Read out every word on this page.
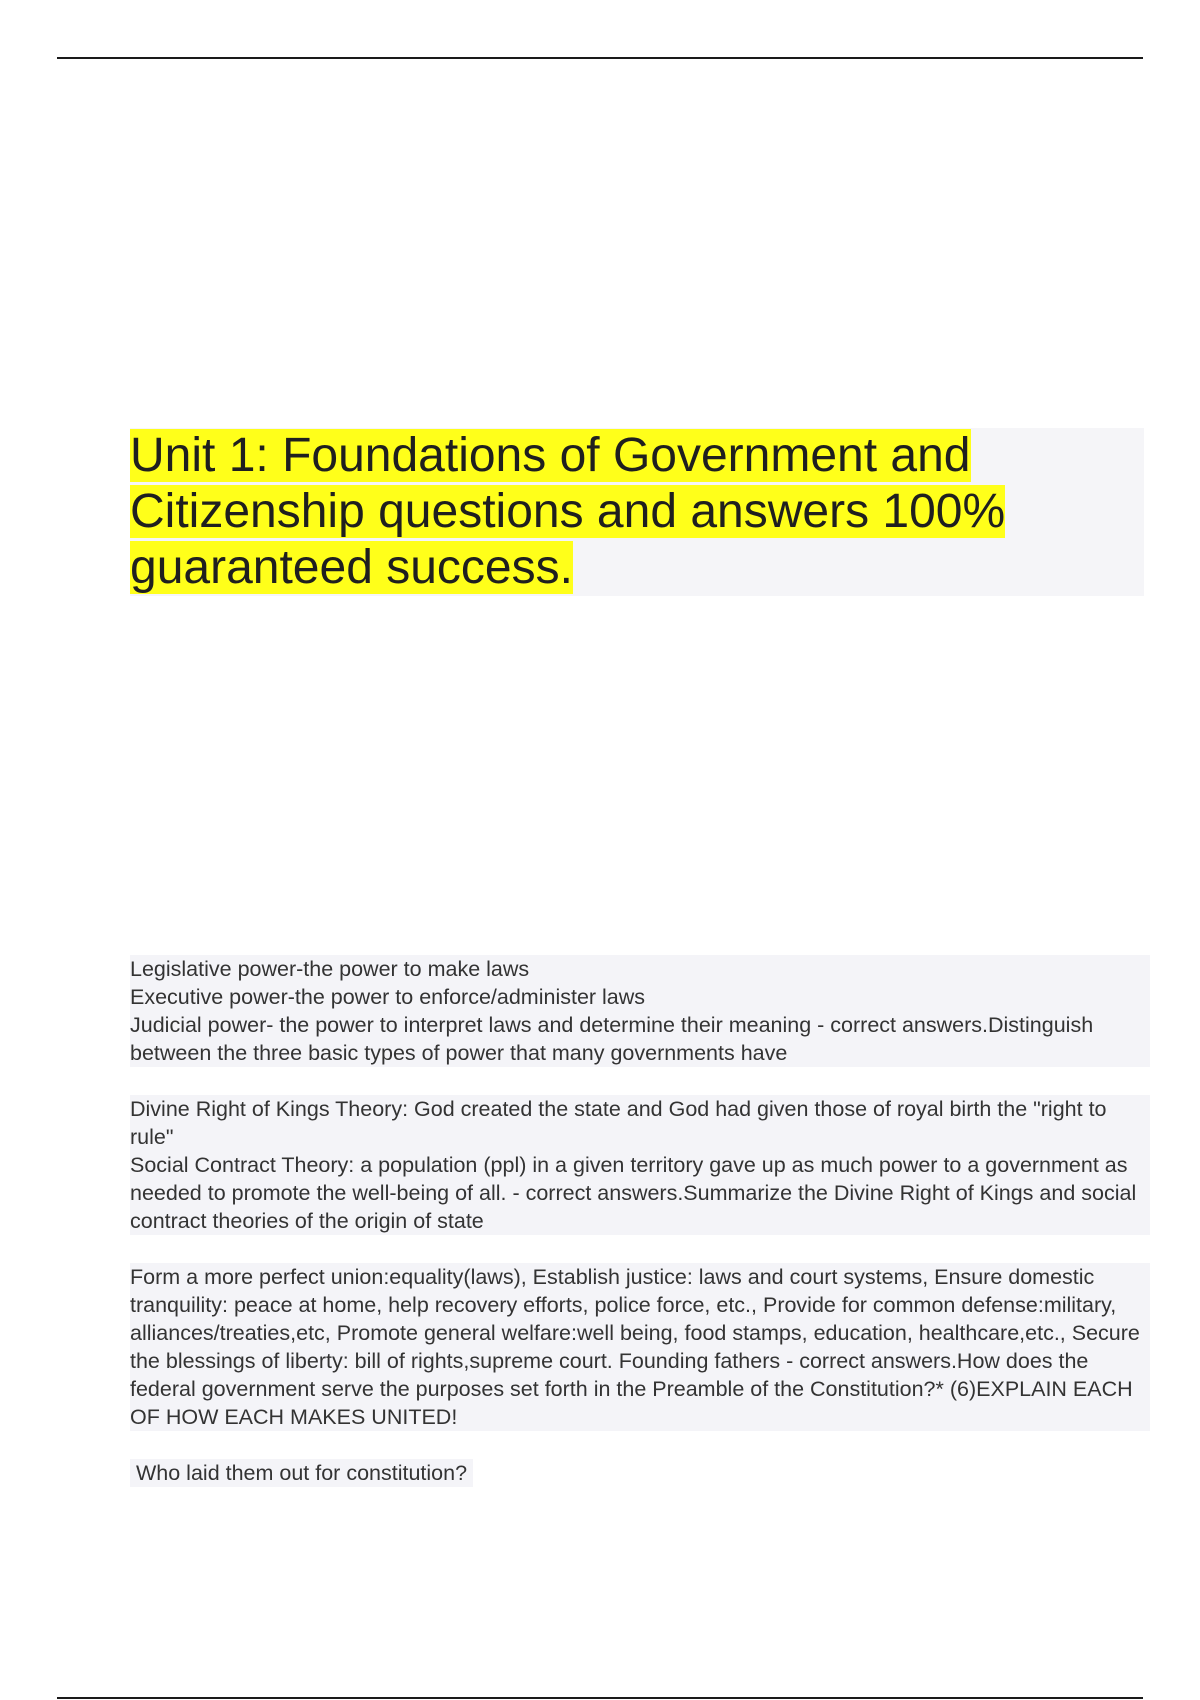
Unit 1: Foundations of Government and Citizenship questions and answers 100% guaranteed success.
Legislative power-the power to make laws
Executive power-the power to enforce/administer laws
Judicial power- the power to interpret laws and determine their meaning - correct answers.Distinguish between the three basic types of power that many governments have
Divine Right of Kings Theory: God created the state and God had given those of royal birth the "right to rule"
Social Contract Theory: a population (ppl) in a given territory gave up as much power to a government as needed to promote the well-being of all. - correct answers.Summarize the Divine Right of Kings and social contract theories of the origin of state
Form a more perfect union:equality(laws), Establish justice: laws and court systems, Ensure domestic tranquility: peace at home, help recovery efforts, police force, etc., Provide for common defense:military, alliances/treaties,etc, Promote general welfare:well being, food stamps, education, healthcare,etc., Secure the blessings of liberty: bill of rights,supreme court. Founding fathers - correct answers.How does the federal government serve the purposes set forth in the Preamble of the Constitution?* (6)EXPLAIN EACH OF HOW EACH MAKES UNITED!
Who laid them out for constitution?
